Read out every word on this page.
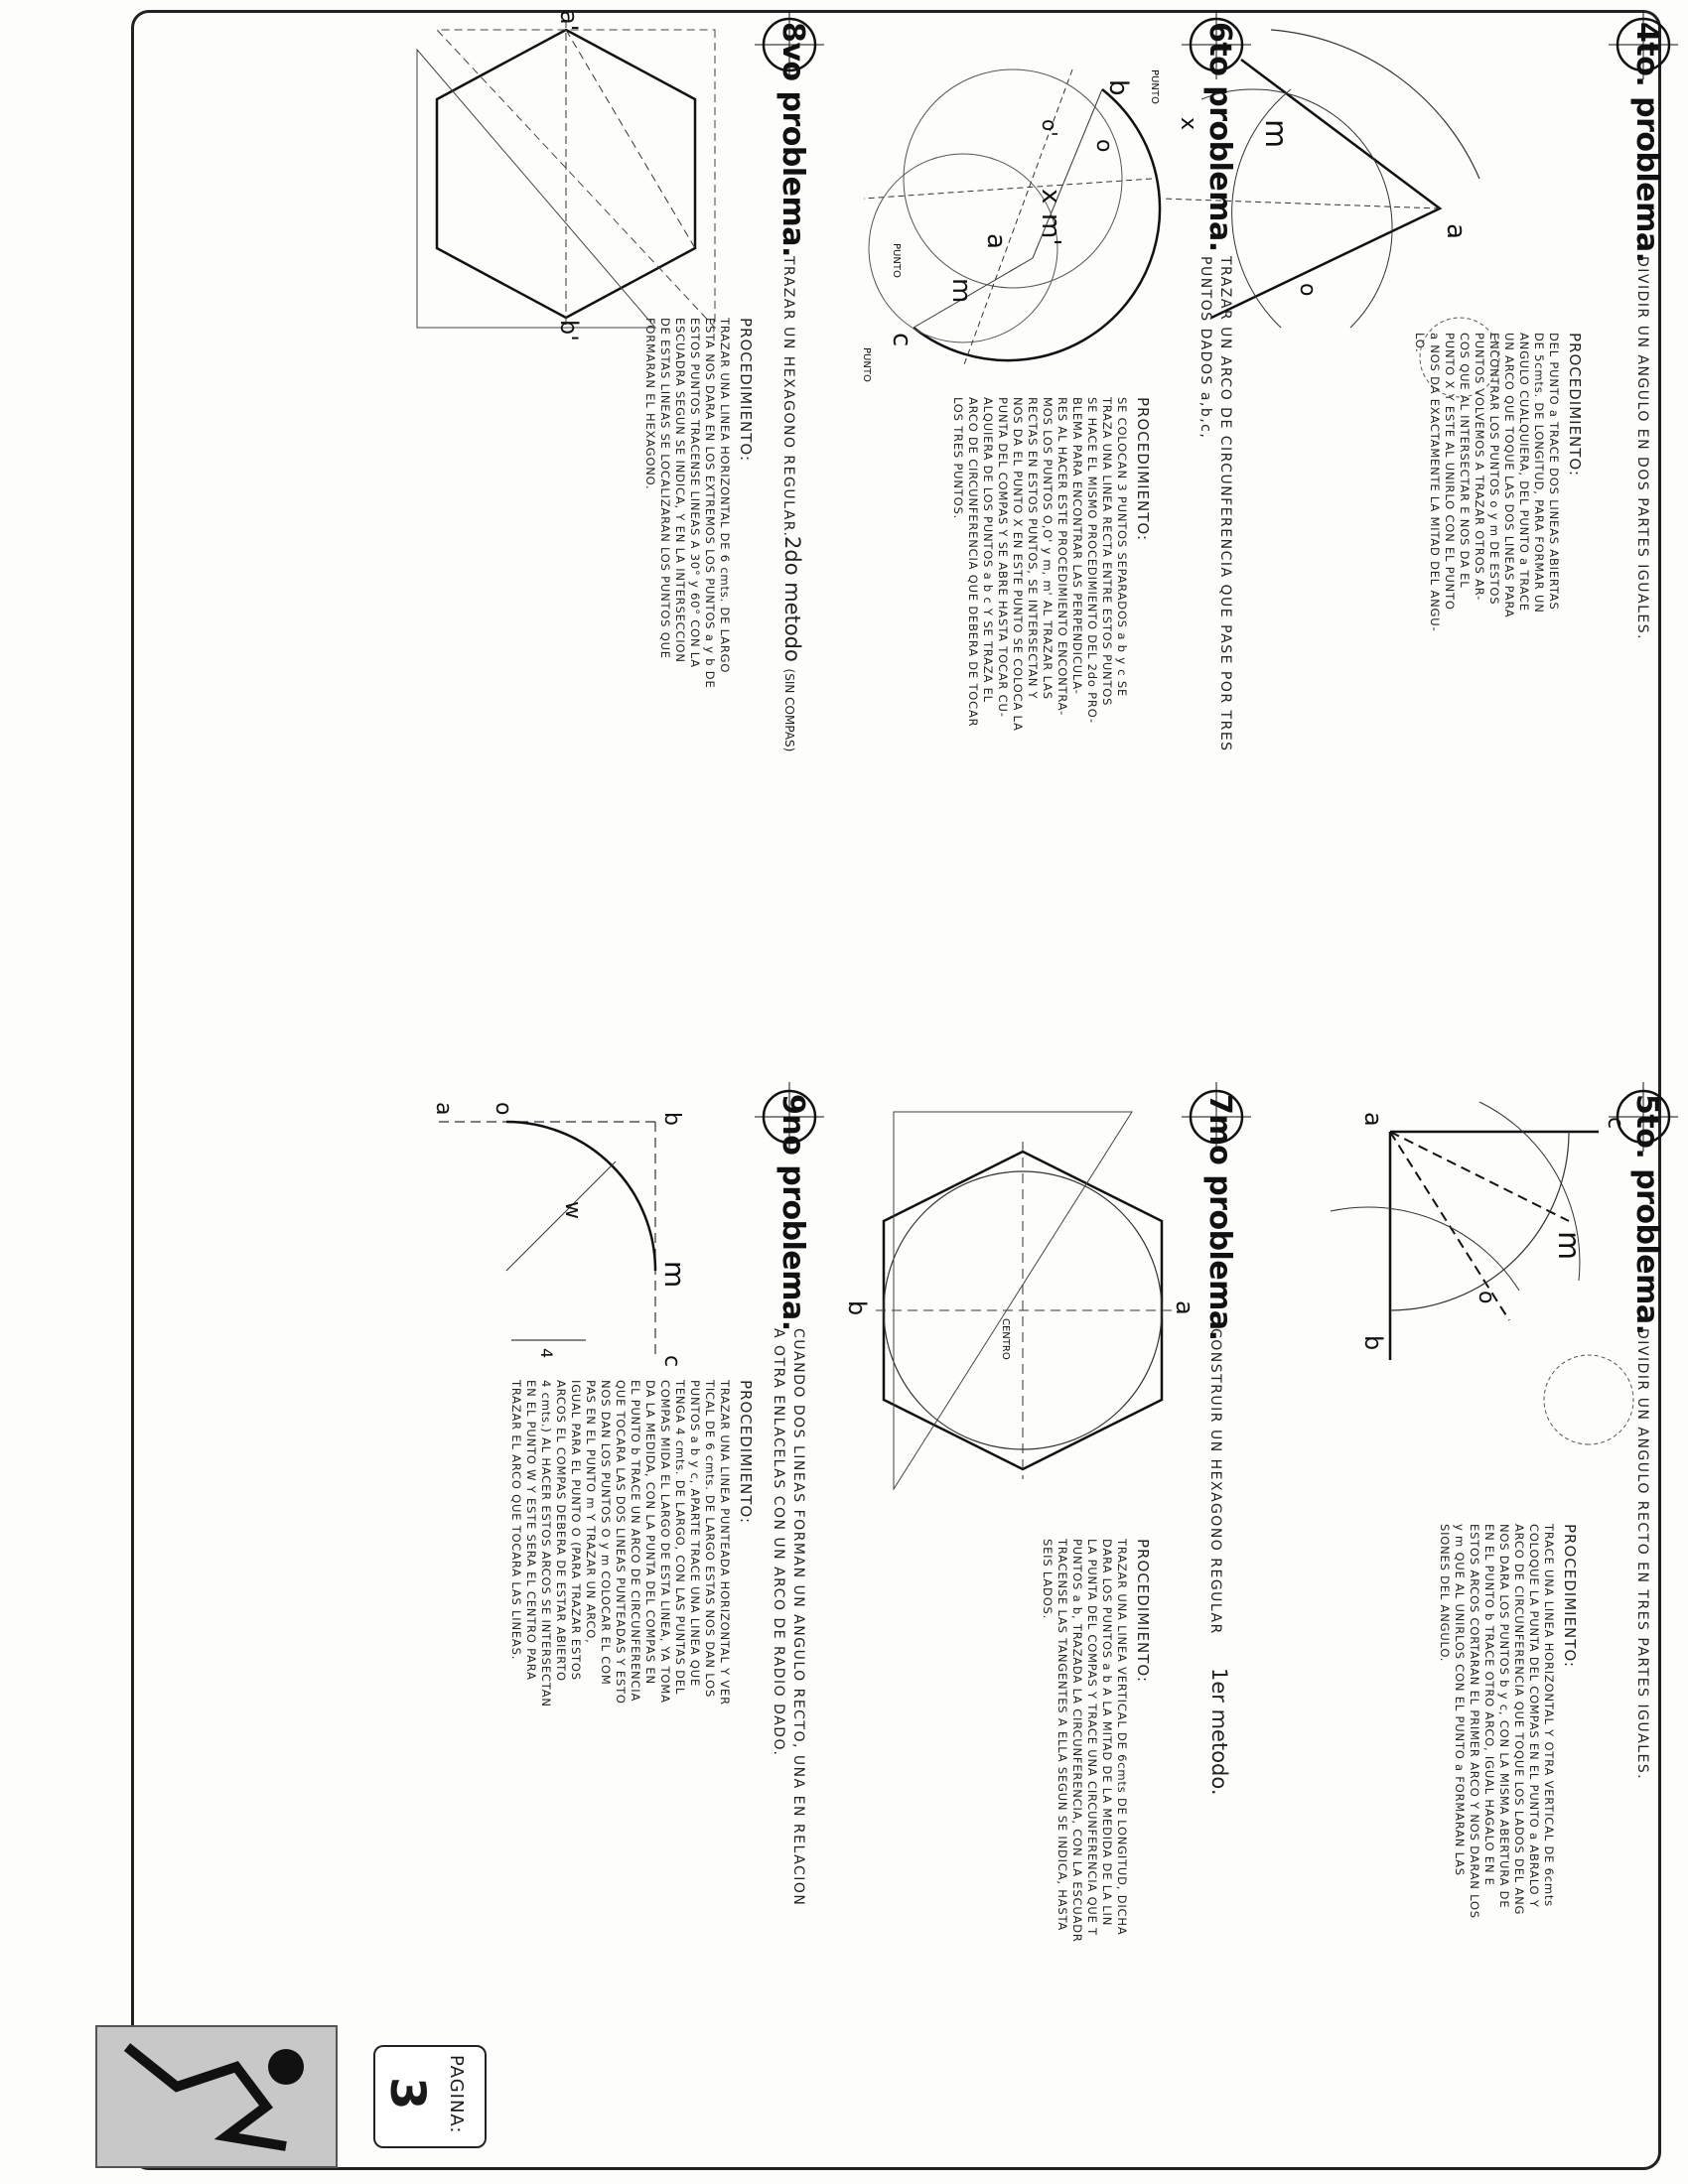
4to. problema.
DIVIDIR UN ANGULO EN DOS PARTES IGUALES.
PROCEDIMIENTO:
DEL PUNTO a TRACE DOS LINEAS ABIERTAS
DE 5cmts. DE LONGITUD, PARA FORMAR UN
ANGULO CUALQUIERA, DEL PUNTO a TRACE
UN ARCO QUE TOQUE LAS DOS LINEAS PARA
ENCONTRAR LOS PUNTOS o y m DE ESTOS
PUNTOS VOLVEMOS A TRAZAR OTROS AR-
COS QUE AL INTERSECTAR E NOS DA EL
PUNTO X Y ESTE AL UNIRLO CON EL PUNTO
a NOS DA EXACTAMENTE LA MITAD DEL ANGU-
LO.
a
m
o
x
5to. problema.
DIVIDIR UN ANGULO RECTO EN TRES PARTES IGUALES.
PROCEDIMIENTO:
TRACE UNA LINEA HORIZONTAL Y OTRA VERTICAL DE 6cmts
COLOQUE LA PUNTA DEL COMPAS EN EL PUNTO a ABRALO Y
ARCO DE CIRCUNFERENCIA QUE TOQUE LOS LADOS DEL ANG
NOS DARA LOS PUNTOS b y c, CON LA MISMA ABERTURA DE
EN EL PUNTO b TRACE OTRO ARCO, IGUAL HAGALO EN E
ESTOS ARCOS CORTARAN EL PRIMER ARCO Y NOS DARAN LOS
y m QUE AL UNIRLOS CON EL PUNTO a FORMARAN LAS
SIONES DEL ANGULO.
a
b
c
m
o
6to problema.
TRAZAR UN ARCO DE CIRCUNFERENCIA QUE PASE POR TRES
PUNTOS DADOS a,b,c,
PROCEDIMIENTO:
SE COLOCAN 3 PUNTOS SEPARADOS a b y c SE
TRAZA UNA LINEA RECTA ENTRE ESTOS PUNTOS
SE HACE EL MISMO PROCEDIMIENTO DEL 2do PRO-
BLEMA PARA ENCONTRAR LAS PERPENDICULA-
RES AL HACER ESTE PROCEDIMIENTO ENCONTRA-
MOS LOS PUNTOS O,O' y m, m' AL TRAZAR LAS
RECTAS EN ESTOS PUNTOS, SE INTERSECTAN Y
NOS DA EL PUNTO X EN ESTE PUNTO SE COLOCA LA
PUNTA DEL COMPAS Y SE ABRE HASTA TOCAR CU-
ALQUIERA DE LOS PUNTOS a b c Y SE TRAZA EL
ARCO DE CIRCUNFERENCIA QUE DEBERA DE TOCAR
LOS TRES PUNTOS.
b
o
o'
x
m'
a
m
c
PUNTO
PUNTO
PUNTO
7mo problema.
CONSTRUIR UN HEXAGONO REGULAR
1er metodo.
PROCEDIMIENTO:
TRAZAR UNA LINEA VERTICAL DE 6cmts DE LONGITUD, DICHA
DARA LOS PUNTOS a b A LA MITAD DE LA MEDIDA DE LA LIN
LA PUNTA DEL COMPAS Y TRACE UNA CIRCUNFERENCIA QUE T
PUNTOS a b, TRAZADA LA CIRCUNFERENCIA, CON LA ESCUADR
TRACENSE LAS TANGENTES A ELLA SEGUN SE INDICA, HASTA
SEIS LADOS.
a
b
CENTRO
8vo problema.
TRAZAR UN HEXAGONO REGULAR.
2do metodo (SIN COMPAS)
PROCEDIMIENTO:
TRAZAR UNA LINEA HORIZONTAL DE 6 cmts. DE LARGO
ESTA NOS DARA EN LOS EXTREMOS LOS PUNTOS a y b DE
ESTOS PUNTOS TRACENSE LINEAS A 30° y 60° CON LA
ESCUADRA SEGUN SE INDICA, Y EN LA INTERSECCION
DE ESTAS LINEAS SE LOCALIZARAN LOS PUNTOS QUE
FORMARAN EL HEXAGONO.
a'
b'
9no problema.
CUANDO DOS LINEAS FORMAN UN ANGULO RECTO, UNA EN RELACION
A OTRA ENLACELAS CON UN ARCO DE RADIO DADO.
PROCEDIMIENTO:
TRAZAR UNA LINEA PUNTEADA HORIZONTAL Y VER
TICAL DE 6 cmts. DE LARGO ESTAS NOS DAN LOS
PUNTOS a b y c, APARTE TRACE UNA LINEA QUE
TENGA 4 cmts. DE LARGO, CON LAS PUNTAS DEL
COMPAS MIDA EL LARGO DE ESTA LINEA, YA TOMA
DA LA MEDIDA, CON LA PUNTA DEL COMPAS EN
EL PUNTO b TRACE UN ARCO DE CIRCUNFERENCIA
QUE TOCARA LAS DOS LINEAS PUNTEADAS Y ESTO
NOS DAN LOS PUNTOS O y m COLOCAR EL COM
PAS EN EL PUNTO m Y TRAZAR UN ARCO,
IGUAL PARA EL PUNTO O (PARA TRAZAR ESTOS
ARCOS EL COMPAS DEBERA DE ESTAR ABIERTO
4 cmts.) AL HACER ESTOS ARCOS SE INTERSECTAN
EN EL PUNTO W Y ESTE SERA EL CENTRO PARA
TRAZAR EL ARCO QUE TOCARA LAS LINEAS.
a o
b
w
m
c
4
PAGINA:
3
